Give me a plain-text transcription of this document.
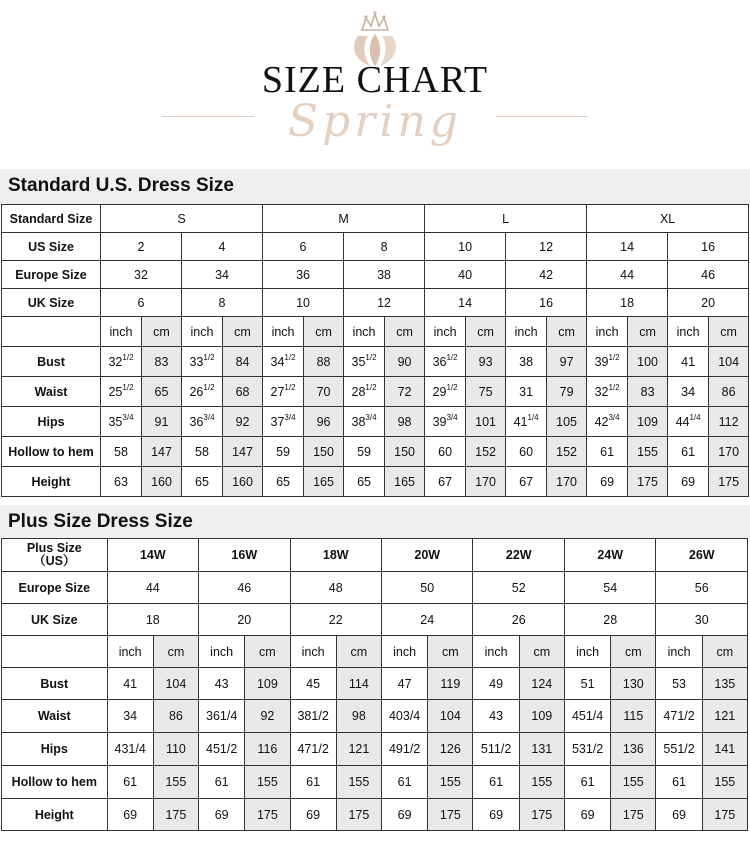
SIZE CHART
Spring
Standard U.S. Dress Size
Standard Size	S				M				L				XL			
US Size	2		4		6		8		10		12		14		16	
Europe Size	32		34		36		38		40		42		44		46	
UK Size	6		8		10		12		14		16		18		20	
	inch	cm	inch	cm	inch	cm	inch	cm	inch	cm	inch	cm	inch	cm	inch	cm
Bust	$32^{1/2}$	83	$33^{1/2}$	84	$34^{1/2}$	88	$35^{1/2}$	90	$36^{1/2}$	93	38	97	$39^{1/2}$	100	41	104
Waist	$25^{1/2}$	65	$26^{1/2}$	68	$27^{1/2}$	70	$28^{1/2}$	72	$29^{1/2}$	75	31	79	$32^{1/2}$	83	34	86
Hips	$35^{3/4}$	91	$36^{3/4}$	92	$37^{3/4}$	96	$38^{3/4}$	98	$39^{3/4}$	101	$41^{1/4}$	105	$42^{3/4}$	109	$44^{1/4}$	112
Hollow to hem	58	147	58	147	59	150	59	150	60	152	60	152	61	155	61	170
Height	63	160	65	160	65	165	65	165	67	170	67	170	69	175	69	175
Plus Size Dress Size
Plus Size
（US）	14W		16W		18W		20W		22W		24W		26W	
Europe Size	44		46		48		50		52		54		56	
UK Size	18		20		22		24		26		28		30	
	inch	cm	inch	cm	inch	cm	inch	cm	inch	cm	inch	cm	inch	cm
Bust	41	104	43	109	45	114	47	119	49	124	51	130	53	135
Waist	34	86	361/4	92	381/2	98	403/4	104	43	109	451/4	115	471/2	121
Hips	431/4	110	451/2	116	471/2	121	491/2	126	511/2	131	531/2	136	551/2	141
Hollow to hem	61	155	61	155	61	155	61	155	61	155	61	155	61	155
Height	69	175	69	175	69	175	69	175	69	175	69	175	69	175
